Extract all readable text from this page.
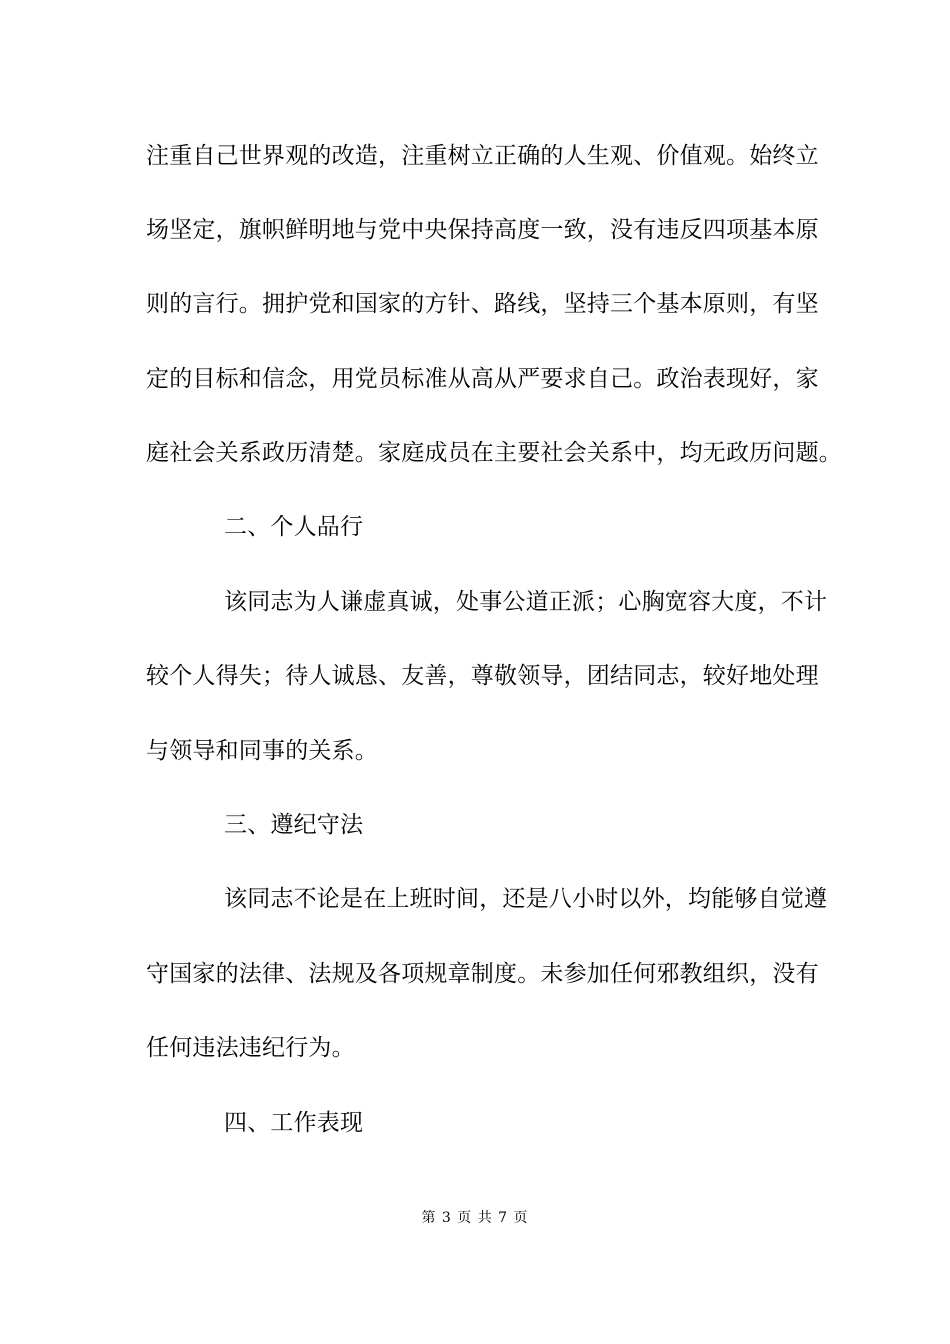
注重自己世界观的改造，注重树立正确的人生观、价值观。始终立
场坚定，旗帜鲜明地与党中央保持高度一致，没有违反四项基本原
则的言行。拥护党和国家的方针、路线，坚持三个基本原则，有坚
定的目标和信念，用党员标准从高从严要求自己。政治表现好，家
庭社会关系政历清楚。家庭成员在主要社会关系中，均无政历问题。
二、个人品行
该同志为人谦虚真诚，处事公道正派；心胸宽容大度，不计
较个人得失；待人诚恳、友善，尊敬领导，团结同志，较好地处理
与领导和同事的关系。
三、遵纪守法
该同志不论是在上班时间，还是八小时以外，均能够自觉遵
守国家的法律、法规及各项规章制度。未参加任何邪教组织，没有
任何违法违纪行为。
四、工作表现
第 3 页 共 7 页
